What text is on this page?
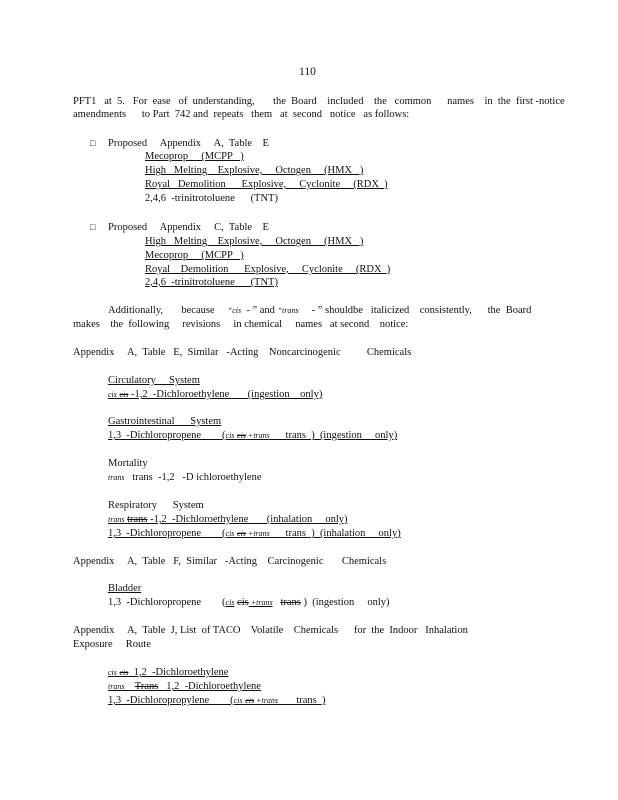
110
PFT1   at  5.   For  ease   of  understanding,       the  Board    included    the   common      names    in  the  first -notice
amendments      to Part  742 and  repeats   them   at  second   notice   as follows:
□ Proposed     Appendix     A,  Table    E
Mecoprop     (MCPP   )
High   Melting    Explosive,     Octogen     (HMX   )
Royal   Demolition      Explosive,     Cyclonite     (RDX  )
2,4,6  -trinitrotoluene      (TNT)
□ Proposed     Appendix     C,  Table    E
High   Melting    Explosive,     Octogen     (HMX   )
Mecoprop     (MCPP   )
Royal    Demolition      Explosive,     Cyclonite     (RDX  )
2,4,6  -trinitrotoluene      (TNT)
Additionally,       because     “cis  - ” and “trans     - ” shouldbe   italicized    consistently,      the  Board
makes    the  following     revisions     in chemical     names   at second    notice:
Appendix     A,  Table   E,  Similar   -Acting    Noncarcinogenic          Chemicals
Circulatory     System
cis cis -1,2  -Dichloroethylene       (ingestion    only)
Gastrointestinal      System
1,3  -Dichloropropene        (cis cis +trans      trans  )  (ingestion     only)
Mortality
trans   trans  -1,2   -D ichloroethylene
Respiratory      System
trans trans -1,2  -Dichloroethylene       (inhalation     only)
1,3  -Dichloropropene        (cis cis +trans      trans  )  (inhalation     only)
Appendix     A,  Table   F,  Similar   -Acting    Carcinogenic       Chemicals
Bladder
1,3  -Dichloropropene        (cis cis +trans trans )  (ingestion     only)
Appendix     A,  Table  J, List  of TACO    Volatile    Chemicals      for  the  Indoor   Inhalation
Exposure     Route
cis cis  1,2  -Dichloroethylene
trans Trans   1,2  -Dichloroethylene
1,3  -Dichloropropylene        (cis cis +trans       trans  )
